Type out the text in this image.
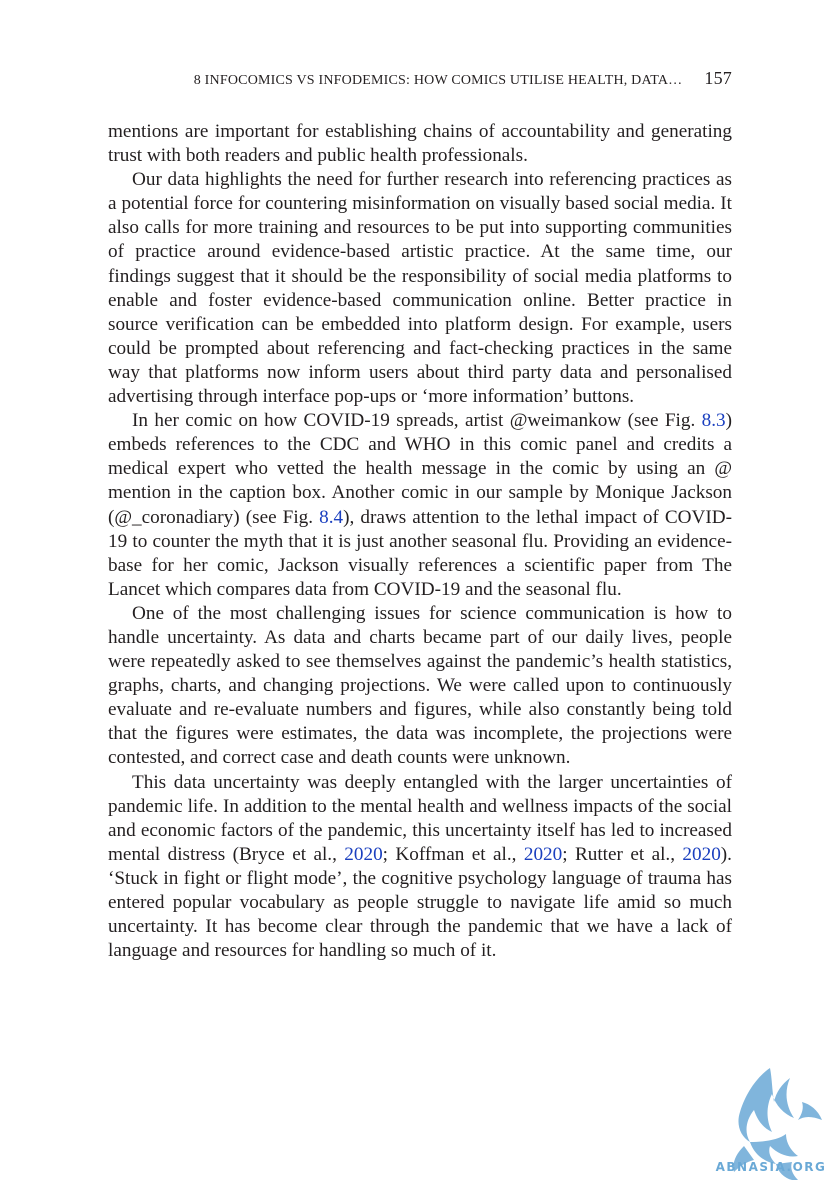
8 INFOCOMICS VS INFODEMICS: HOW COMICS UTILISE HEALTH, DATA… 157

mentions are important for establishing chains of accountability and generating trust with both readers and public health professionals.

Our data highlights the need for further research into referencing practices as a potential force for countering misinformation on visually based social media. It also calls for more training and resources to be put into supporting communities of practice around evidence-based artistic practice. At the same time, our findings suggest that it should be the responsibility of social media platforms to enable and foster evidence-based communication online. Better practice in source verification can be embedded into platform design. For example, users could be prompted about referencing and fact-checking practices in the same way that platforms now inform users about third party data and personalised advertising through interface pop-ups or ‘more information’ buttons.

In her comic on how COVID-19 spreads, artist @weimankow (see Fig. 8.3) embeds references to the CDC and WHO in this comic panel and credits a medical expert who vetted the health message in the comic by using an @ mention in the caption box. Another comic in our sample by Monique Jackson (@_coronadiary) (see Fig. 8.4), draws attention to the lethal impact of COVID-19 to counter the myth that it is just another seasonal flu. Providing an evidence-base for her comic, Jackson visually references a scientific paper from The Lancet which compares data from COVID-19 and the seasonal flu.

One of the most challenging issues for science communication is how to handle uncertainty. As data and charts became part of our daily lives, people were repeatedly asked to see themselves against the pandemic’s health statistics, graphs, charts, and changing projections. We were called upon to continuously evaluate and re-evaluate numbers and figures, while also constantly being told that the figures were estimates, the data was incomplete, the projections were contested, and correct case and death counts were unknown.

This data uncertainty was deeply entangled with the larger uncertainties of pandemic life. In addition to the mental health and wellness impacts of the social and economic factors of the pandemic, this uncertainty itself has led to increased mental distress (Bryce et al., 2020; Koffman et al., 2020; Rutter et al., 2020). ‘Stuck in fight or flight mode’, the cognitive psychology language of trauma has entered popular vocabulary as people struggle to navigate life amid so much uncertainty. It has become clear through the pandemic that we have a lack of language and resources for handling so much of it.

ABNASIA.ORG
